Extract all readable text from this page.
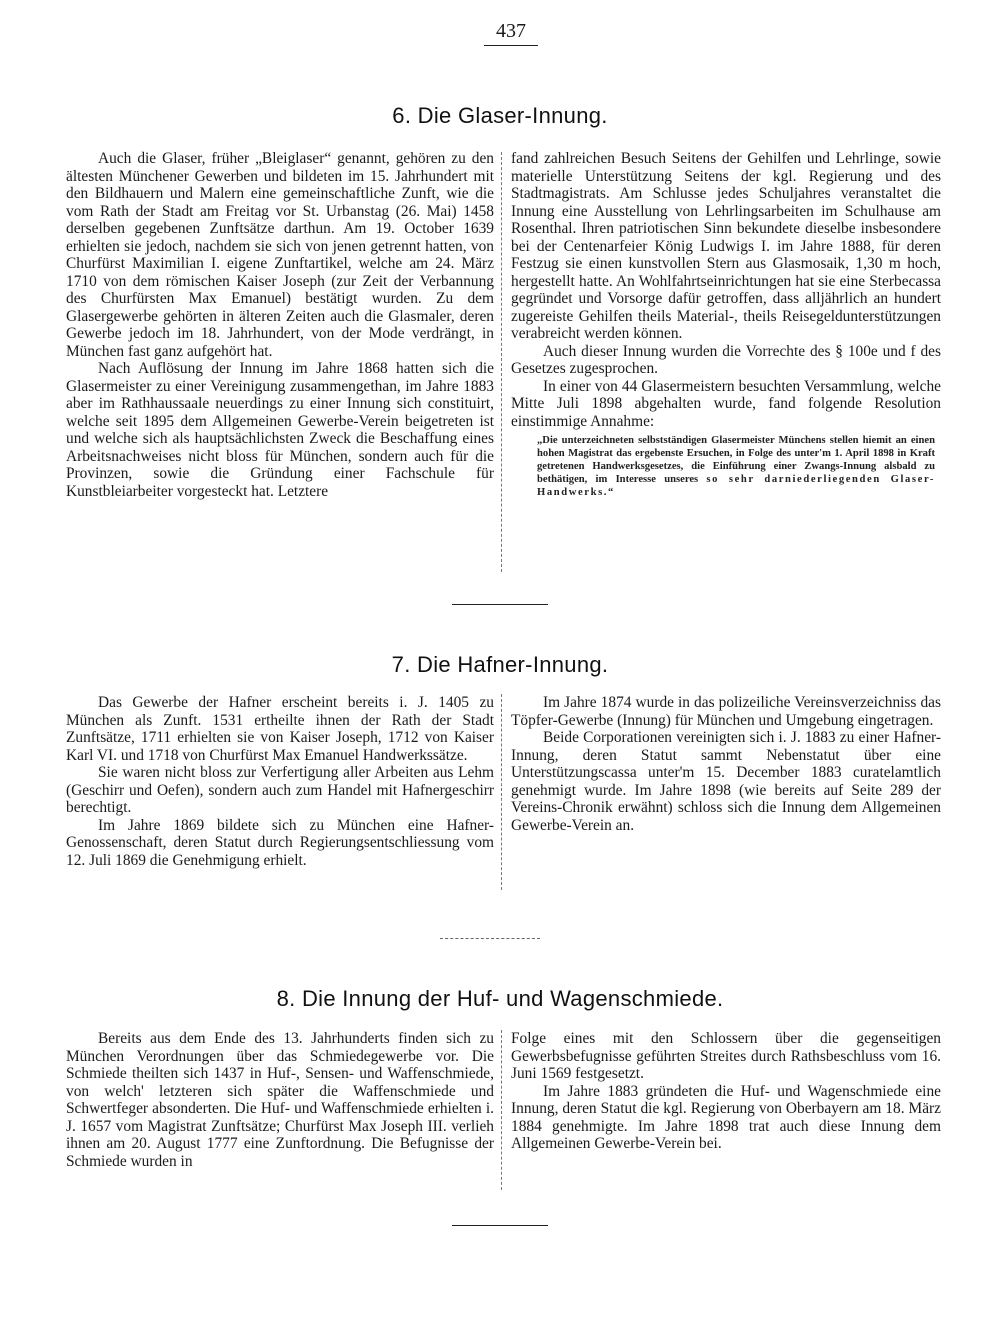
437
6. Die Glaser-Innung.

Auch die Glaser, früher „Bleiglaser“ genannt, gehören zu den ältesten Münchener Gewerben und bildeten im 15. Jahrhundert mit den Bildhauern und Malern eine gemeinschaftliche Zunft, wie die vom Rath der Stadt am Freitag vor St. Urbanstag (26. Mai) 1458 derselben gegebenen Zunftsätze darthun. Am 19. October 1639 erhielten sie jedoch, nachdem sie sich von jenen getrennt hatten, von Churfürst Maximilian I. eigene Zunftartikel, welche am 24. März 1710 von dem römischen Kaiser Joseph (zur Zeit der Verbannung des Churfürsten Max Emanuel) bestätigt wurden. Zu dem Glasergewerbe gehörten in älteren Zeiten auch die Glasmaler, deren Gewerbe jedoch im 18. Jahrhundert, von der Mode verdrängt, in München fast ganz aufgehört hat.

Nach Auflösung der Innung im Jahre 1868 hatten sich die Glasermeister zu einer Vereinigung zusammengethan, im Jahre 1883 aber im Rathhaussaale neuerdings zu einer Innung sich constituirt, welche seit 1895 dem Allgemeinen Gewerbe-Verein beigetreten ist und welche sich als hauptsächlichsten Zweck die Beschaffung eines Arbeitsnachweises nicht bloss für München, sondern auch für die Provinzen, sowie die Gründung einer Fachschule für Kunstbleiarbeiter vorgesteckt hat. Letztere

fand zahlreichen Besuch Seitens der Gehilfen und Lehrlinge, sowie materielle Unterstützung Seitens der kgl. Regierung und des Stadtmagistrats. Am Schlusse jedes Schuljahres veranstaltet die Innung eine Ausstellung von Lehrlingsarbeiten im Schulhause am Rosenthal. Ihren patriotischen Sinn bekundete dieselbe insbesondere bei der Centenarfeier König Ludwigs I. im Jahre 1888, für deren Festzug sie einen kunstvollen Stern aus Glasmosaik, 1,30 m hoch, hergestellt hatte. An Wohlfahrtseinrichtungen hat sie eine Sterbecassa gegründet und Vorsorge dafür getroffen, dass alljährlich an hundert zugereiste Gehilfen theils Material-, theils Reisegeldunterstützungen verabreicht werden können.

Auch dieser Innung wurden die Vorrechte des § 100e und f des Gesetzes zugesprochen.

In einer von 44 Glasermeistern besuchten Versammlung, welche Mitte Juli 1898 abgehalten wurde, fand folgende Resolution einstimmige Annahme:

„Die unterzeichneten selbstständigen Glasermeister Münchens stellen hiemit an einen hohen Magistrat das ergebenste Ersuchen, in Folge des unter'm 1. April 1898 in Kraft getretenen Handwerksgesetzes, die Einführung einer Zwangs-Innung alsbald zu bethätigen, im Interesse unseres so sehr darniederliegenden Glaser-Handwerks.“
7. Die Hafner-Innung.

Das Gewerbe der Hafner erscheint bereits i. J. 1405 zu München als Zunft. 1531 ertheilte ihnen der Rath der Stadt Zunftsätze, 1711 erhielten sie von Kaiser Joseph, 1712 von Kaiser Karl VI. und 1718 von Churfürst Max Emanuel Handwerkssätze.

Sie waren nicht bloss zur Verfertigung aller Arbeiten aus Lehm (Geschirr und Oefen), sondern auch zum Handel mit Hafnergeschirr berechtigt.

Im Jahre 1869 bildete sich zu München eine Hafner-Genossenschaft, deren Statut durch Regierungsentschliessung vom 12. Juli 1869 die Genehmigung erhielt.

Im Jahre 1874 wurde in das polizeiliche Vereinsverzeichniss das Töpfer-Gewerbe (Innung) für München und Umgebung eingetragen.

Beide Corporationen vereinigten sich i. J. 1883 zu einer Hafner-Innung, deren Statut sammt Nebenstatut über eine Unterstützungscassa unter'm 15. December 1883 curatelamtlich genehmigt wurde. Im Jahre 1898 (wie bereits auf Seite 289 der Vereins-Chronik erwähnt) schloss sich die Innung dem Allgemeinen Gewerbe-Verein an.

8. Die Innung der Huf- und Wagenschmiede.

Bereits aus dem Ende des 13. Jahrhunderts finden sich zu München Verordnungen über das Schmiedegewerbe vor. Die Schmiede theilten sich 1437 in Huf-, Sensen- und Waffenschmiede, von welch' letzteren sich später die Waffenschmiede und Schwertfeger absonderten. Die Huf- und Waffenschmiede erhielten i. J. 1657 vom Magistrat Zunftsätze; Churfürst Max Joseph III. verlieh ihnen am 20. August 1777 eine Zunftordnung. Die Befugnisse der Schmiede wurden in

Folge eines mit den Schlossern über die gegenseitigen Gewerbsbefugnisse geführten Streites durch Rathsbeschluss vom 16. Juni 1569 festgesetzt.

Im Jahre 1883 gründeten die Huf- und Wagenschmiede eine Innung, deren Statut die kgl. Regierung von Oberbayern am 18. März 1884 genehmigte. Im Jahre 1898 trat auch diese Innung dem Allgemeinen Gewerbe-Verein bei.
